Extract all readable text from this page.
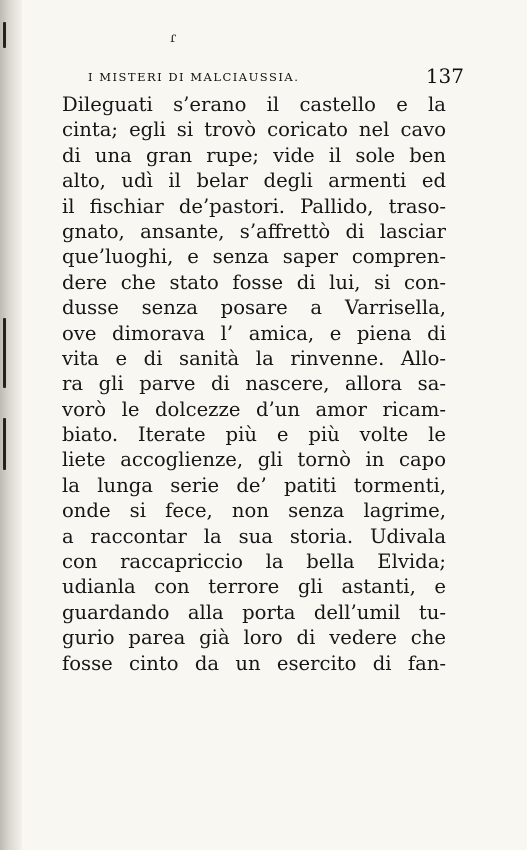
ɾ
I MISTERI DI MALCIAUSSIA.	137
Dileguati s’erano il castello e la
cinta; egli si trovò coricato nel cavo
di una gran rupe; vide il sole ben
alto, udì il belar degli armenti ed
il fischiar de’pastori. Pallido, traso-
gnato, ansante, s’affrettò di lasciar
que’luoghi, e senza saper compren-
dere che stato fosse di lui, si con-
dusse senza posare a Varrisella,
ove dimorava l’ amica, e piena di
vita e di sanità la rinvenne. Allo-
ra gli parve di nascere, allora sa-
vorò le dolcezze d’un amor ricam-
biato. Iterate più e più volte le
liete accoglienze, gli tornò in capo
la lunga serie de’ patiti tormenti,
onde si fece, non senza lagrime,
a raccontar la sua storia. Udivala
con raccapriccio la bella Elvida;
udianla con terrore gli astanti, e
guardando alla porta dell’umil tu-
gurio parea già loro di vedere che
fosse cinto da un esercito di fan-
